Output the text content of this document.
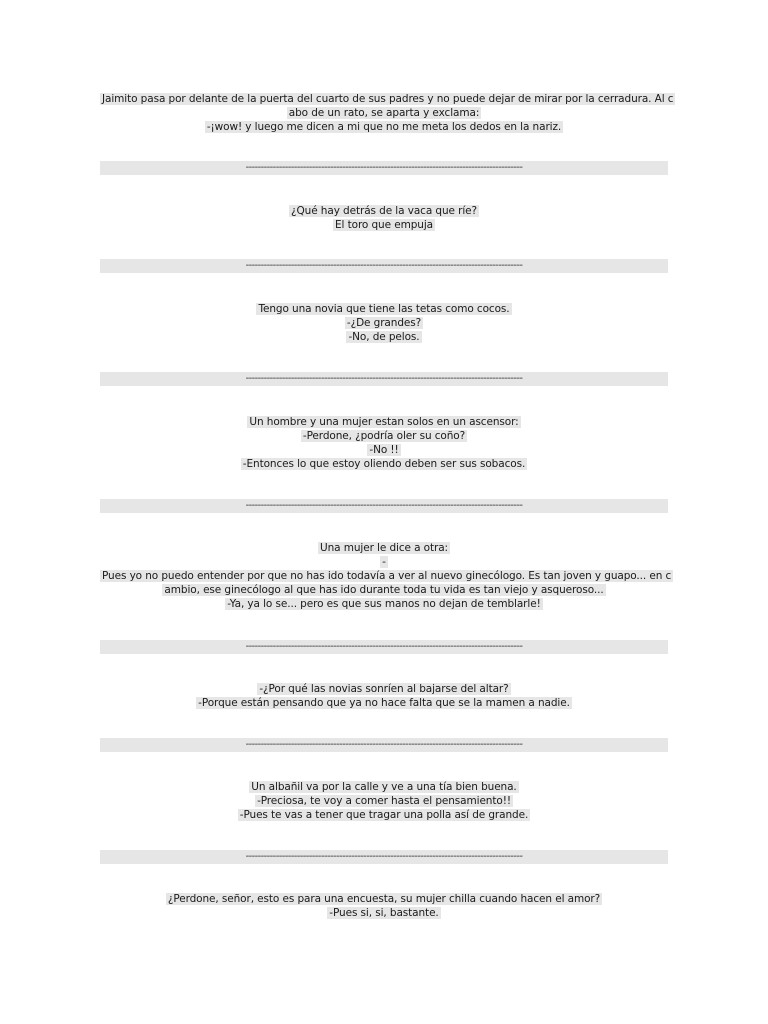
Jaimito pasa por delante de la puerta del cuarto de sus padres y no puede dejar de mirar por la cerradura. Al c
abo de un rato, se aparta y exclama:
-¡wow! y luego me dicen a mi que no me meta los dedos en la nariz.
--------------------------------------------------------------------------------------------
¿Qué hay detrás de la vaca que ríe?
El toro que empuja
--------------------------------------------------------------------------------------------
Tengo una novia que tiene las tetas como cocos.
-¿De grandes?
-No, de pelos.
--------------------------------------------------------------------------------------------
Un hombre y una mujer estan solos en un ascensor:
-Perdone, ¿podría oler su coño?
-No !!
-Entonces lo que estoy oliendo deben ser sus sobacos.
--------------------------------------------------------------------------------------------
Una mujer le dice a otra:
-
Pues yo no puedo entender por que no has ido todavía a ver al nuevo ginecólogo. Es tan joven y guapo... en c
ambio, ese ginecólogo al que has ido durante toda tu vida es tan viejo y asqueroso...
-Ya, ya lo se... pero es que sus manos no dejan de temblarle!
--------------------------------------------------------------------------------------------
-¿Por qué las novias sonríen al bajarse del altar?
-Porque están pensando que ya no hace falta que se la mamen a nadie.
--------------------------------------------------------------------------------------------
Un albañil va por la calle y ve a una tía bien buena.
-Preciosa, te voy a comer hasta el pensamiento!!
-Pues te vas a tener que tragar una polla así de grande.
--------------------------------------------------------------------------------------------
¿Perdone, señor, esto es para una encuesta, su mujer chilla cuando hacen el amor?
-Pues si, si, bastante.
